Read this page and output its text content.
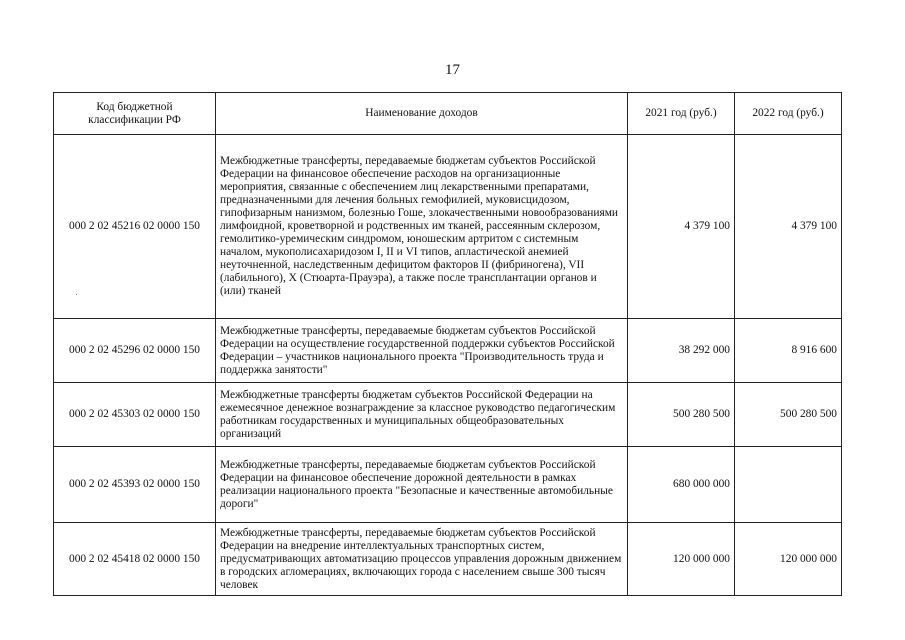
17
Код бюджетной классификации РФ	Наименование доходов	2021 год (руб.)	2022 год (руб.)
000 2 02 45216 02 0000 150	Межбюджетные трансферты, передаваемые бюджетам субъектов Российской Федерации на финансовое обеспечение расходов на организационные мероприятия, связанные с обеспечением лиц лекарственными препаратами, предназначенными для лечения больных гемофилией, муковисцидозом, гипофизарным нанизмом, болезнью Гоше, злокачественными новообразованиями лимфоидной, кроветворной и родственных им тканей, рассеянным склерозом, гемолитико-уремическим синдромом, юношеским артритом с системным началом, мукополисахаридозом I, II и VI типов, апластической анемией неуточненной, наследственным дефицитом факторов II (фибриногена), VII (лабильного), X (Стюарта-Прауэра), а также после трансплантации органов и (или) тканей	4 379 100	4 379 100
000 2 02 45296 02 0000 150	Межбюджетные трансферты, передаваемые бюджетам субъектов Российской Федерации на осуществление государственной поддержки субъектов Российской Федерации – участников национального проекта "Производительность труда и поддержка занятости"	38 292 000	8 916 600
000 2 02 45303 02 0000 150	Межбюджетные трансферты бюджетам субъектов Российской Федерации на ежемесячное денежное вознаграждение за классное руководство педагогическим работникам государственных и муниципальных общеобразовательных организаций	500 280 500	500 280 500
000 2 02 45393 02 0000 150	Межбюджетные трансферты, передаваемые бюджетам субъектов Российской Федерации на финансовое обеспечение дорожной деятельности в рамках реализации национального проекта "Безопасные и качественные автомобильные дороги"	680 000 000	
000 2 02 45418 02 0000 150	Межбюджетные трансферты, передаваемые бюджетам субъектов Российской Федерации на внедрение интеллектуальных транспортных систем, предусматривающих автоматизацию процессов управления дорожным движением в городских агломерациях, включающих города с населением свыше 300 тысяч человек	120 000 000	120 000 000
